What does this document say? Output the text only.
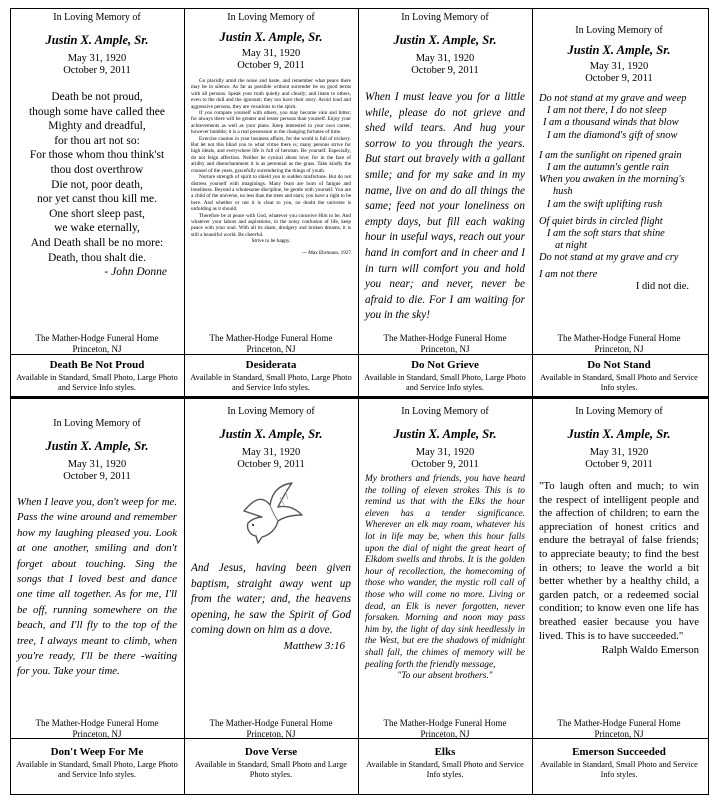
In Loving Memory of
Justin X. Ample, Sr.
May 31, 1920
October 9, 2011
Death be not proud,
though some have called thee
Mighty and dreadful,
for thou art not so:
For those whom thou think'st
thou dost overthrow
Die not, poor death,
nor yet canst thou kill me.
One short sleep past,
we wake eternally,
And Death shall be no more:
Death, thou shalt die.
- John Donne
In Loving Memory of
Justin X. Ample, Sr.
May 31, 1920
October 9, 2011

Go placidly amid the noise and haste, and remember what peace there may be in silence. As far as possible without surrender be on good terms with all persons. Speak your truth quietly and clearly; and listen to others, even to the dull and the ignorant; they too have their story. Avoid loud and aggressive persons, they are vexations to the spirit.

If you compare yourself with others, you may become vain and bitter; for always there will be greater and lesser persons than yourself. Enjoy your achievements as well as your plans. Keep interested in your own career, however humble; it is a real possession in the changing fortunes of time.

Exercise caution in your business affairs, for the world is full of trickery. But let not this blind you to what virtue there is; many persons strive for high ideals, and everywhere life is full of heroism. Be yourself. Especially, do not feign affection. Neither be cynical about love; for in the face of aridity and disenchantment it is as perennial as the grass. Take kindly the counsel of the years, gracefully surrendering the things of youth.

Nurture strength of spirit to shield you in sudden misfortune. But do not distress yourself with imaginings. Many fears are born of fatigue and loneliness. Beyond a wholesome discipline, be gentle with yourself. You are a child of the universe, no less than the trees and stars; you have a right to be here. And whether or not it is clear to you, no doubt the universe is unfolding as it should.

Therefore be at peace with God, whatever you conceive Him to be. And whatever your labors and aspirations, in the noisy confusion of life, keep peace with your soul. With all its sham, drudgery and broken dreams, it is still a beautiful world. Be cheerful.

Strive to be happy.
--- Max Ehrmann, 1927
In Loving Memory of
Justin X. Ample, Sr.
May 31, 1920
October 9, 2011
When I must leave you for a little while, please do not grieve and shed wild tears. And hug your sorrow to you through the years. But start out bravely with a gallant smile; and for my sake and in my name, live on and do all things the same; feed not your loneliness on empty days, but fill each waking hour in useful ways, reach out your hand in comfort and in cheer and I in turn will comfort you and hold you near; and never, never be afraid to die. For I am waiting for you in the sky!
In Loving Memory of
Justin X. Ample, Sr.
May 31, 1920
October 9, 2011
Do not stand at my grave and weep
I am not there, I do not sleep
I am a thousand winds that blow
I am the diamond's gift of snow
I am the sunlight on ripened grain
I am the autumn's gentle rain
When you awaken in the morning's
hush
I am the swift uplifting rush
Of quiet birds in circled flight
I am the soft stars that shine
at night
Do not stand at my grave and cry
I am not there
I did not die.
The Mather-Hodge Funeral Home
Princeton, NJ
The Mather-Hodge Funeral Home
Princeton, NJ
The Mather-Hodge Funeral Home
Princeton, NJ
The Mather-Hodge Funeral Home
Princeton, NJ
Death Be Not Proud	Desiderata	Do Not Grieve	Do Not Stand
Available in Standard, Small Photo, Large Photo and Service Info styles.
Available in Standard, Small Photo, Large Photo and Service Info styles.
Available in Standard, Small Photo, Large Photo and Service Info styles.
Available in Standard, Small Photo and Service Info styles.
In Loving Memory of
Justin X. Ample, Sr.
May 31, 1920
October 9, 2011
When I leave you, don't weep for me. Pass the wine around and remember how my laughing pleased you. Look at one another, smiling and don't forget about touching. Sing the songs that I loved best and dance one time all together. As for me, I'll be off, running somewhere on the beach, and I'll fly to the top of the tree, I always meant to climb, when you're ready, I'll be there -waiting for you. Take your time.
In Loving Memory of
Justin X. Ample, Sr.
May 31, 1920
October 9, 2011
And Jesus, having been given baptism, straight away went up from the water; and, the heavens opening, he saw the Spirit of God coming down on him as a dove.
Matthew 3:16
In Loving Memory of
Justin X. Ample, Sr.
May 31, 1920
October 9, 2011
My brothers and friends, you have heard the tolling of eleven strokes This is to remind us that with the Elks the hour eleven has a tender significance. Wherever an elk may roam, whatever his lot in life may be, when this hour falls upon the dial of night the great heart of Elkdom swells and throbs. It is the golden hour of recollection, the homecoming of those who wander, the mystic roll call of those who will come no more. Living or dead, an Elk is never forgotten, never forsaken. Morning and noon may pass him by, the light of day sink heedlessly in the West, but ere the shadows of midnight shall fall, the chimes of memory will be pealing forth the friendly message,
"To our absent brothers."
In Loving Memory of
Justin X. Ample, Sr.
May 31, 1920
October 9, 2011
"To laugh often and much; to win the respect of intelligent people and the affection of children; to earn the appreciation of honest critics and endure the betrayal of false friends; to appreciate beauty; to find the best in others; to leave the world a bit better whether by a healthy child, a garden patch, or a redeemed social condition; to know even one life has breathed easier because you have lived. This is to have succeeded."
Ralph Waldo Emerson
The Mather-Hodge Funeral Home
Princeton, NJ
The Mather-Hodge Funeral Home
Princeton, NJ
The Mather-Hodge Funeral Home
Princeton, NJ
The Mather-Hodge Funeral Home
Princeton, NJ
Don't Weep For Me	Dove Verse	Elks	Emerson Succeeded
Available in Standard, Small Photo, Large Photo and Service Info styles.
Available in Standard, Small Photo and Large Photo styles.
Available in Standard, Small Photo and Service Info styles.
Available in Standard, Small Photo and Service Info styles.
